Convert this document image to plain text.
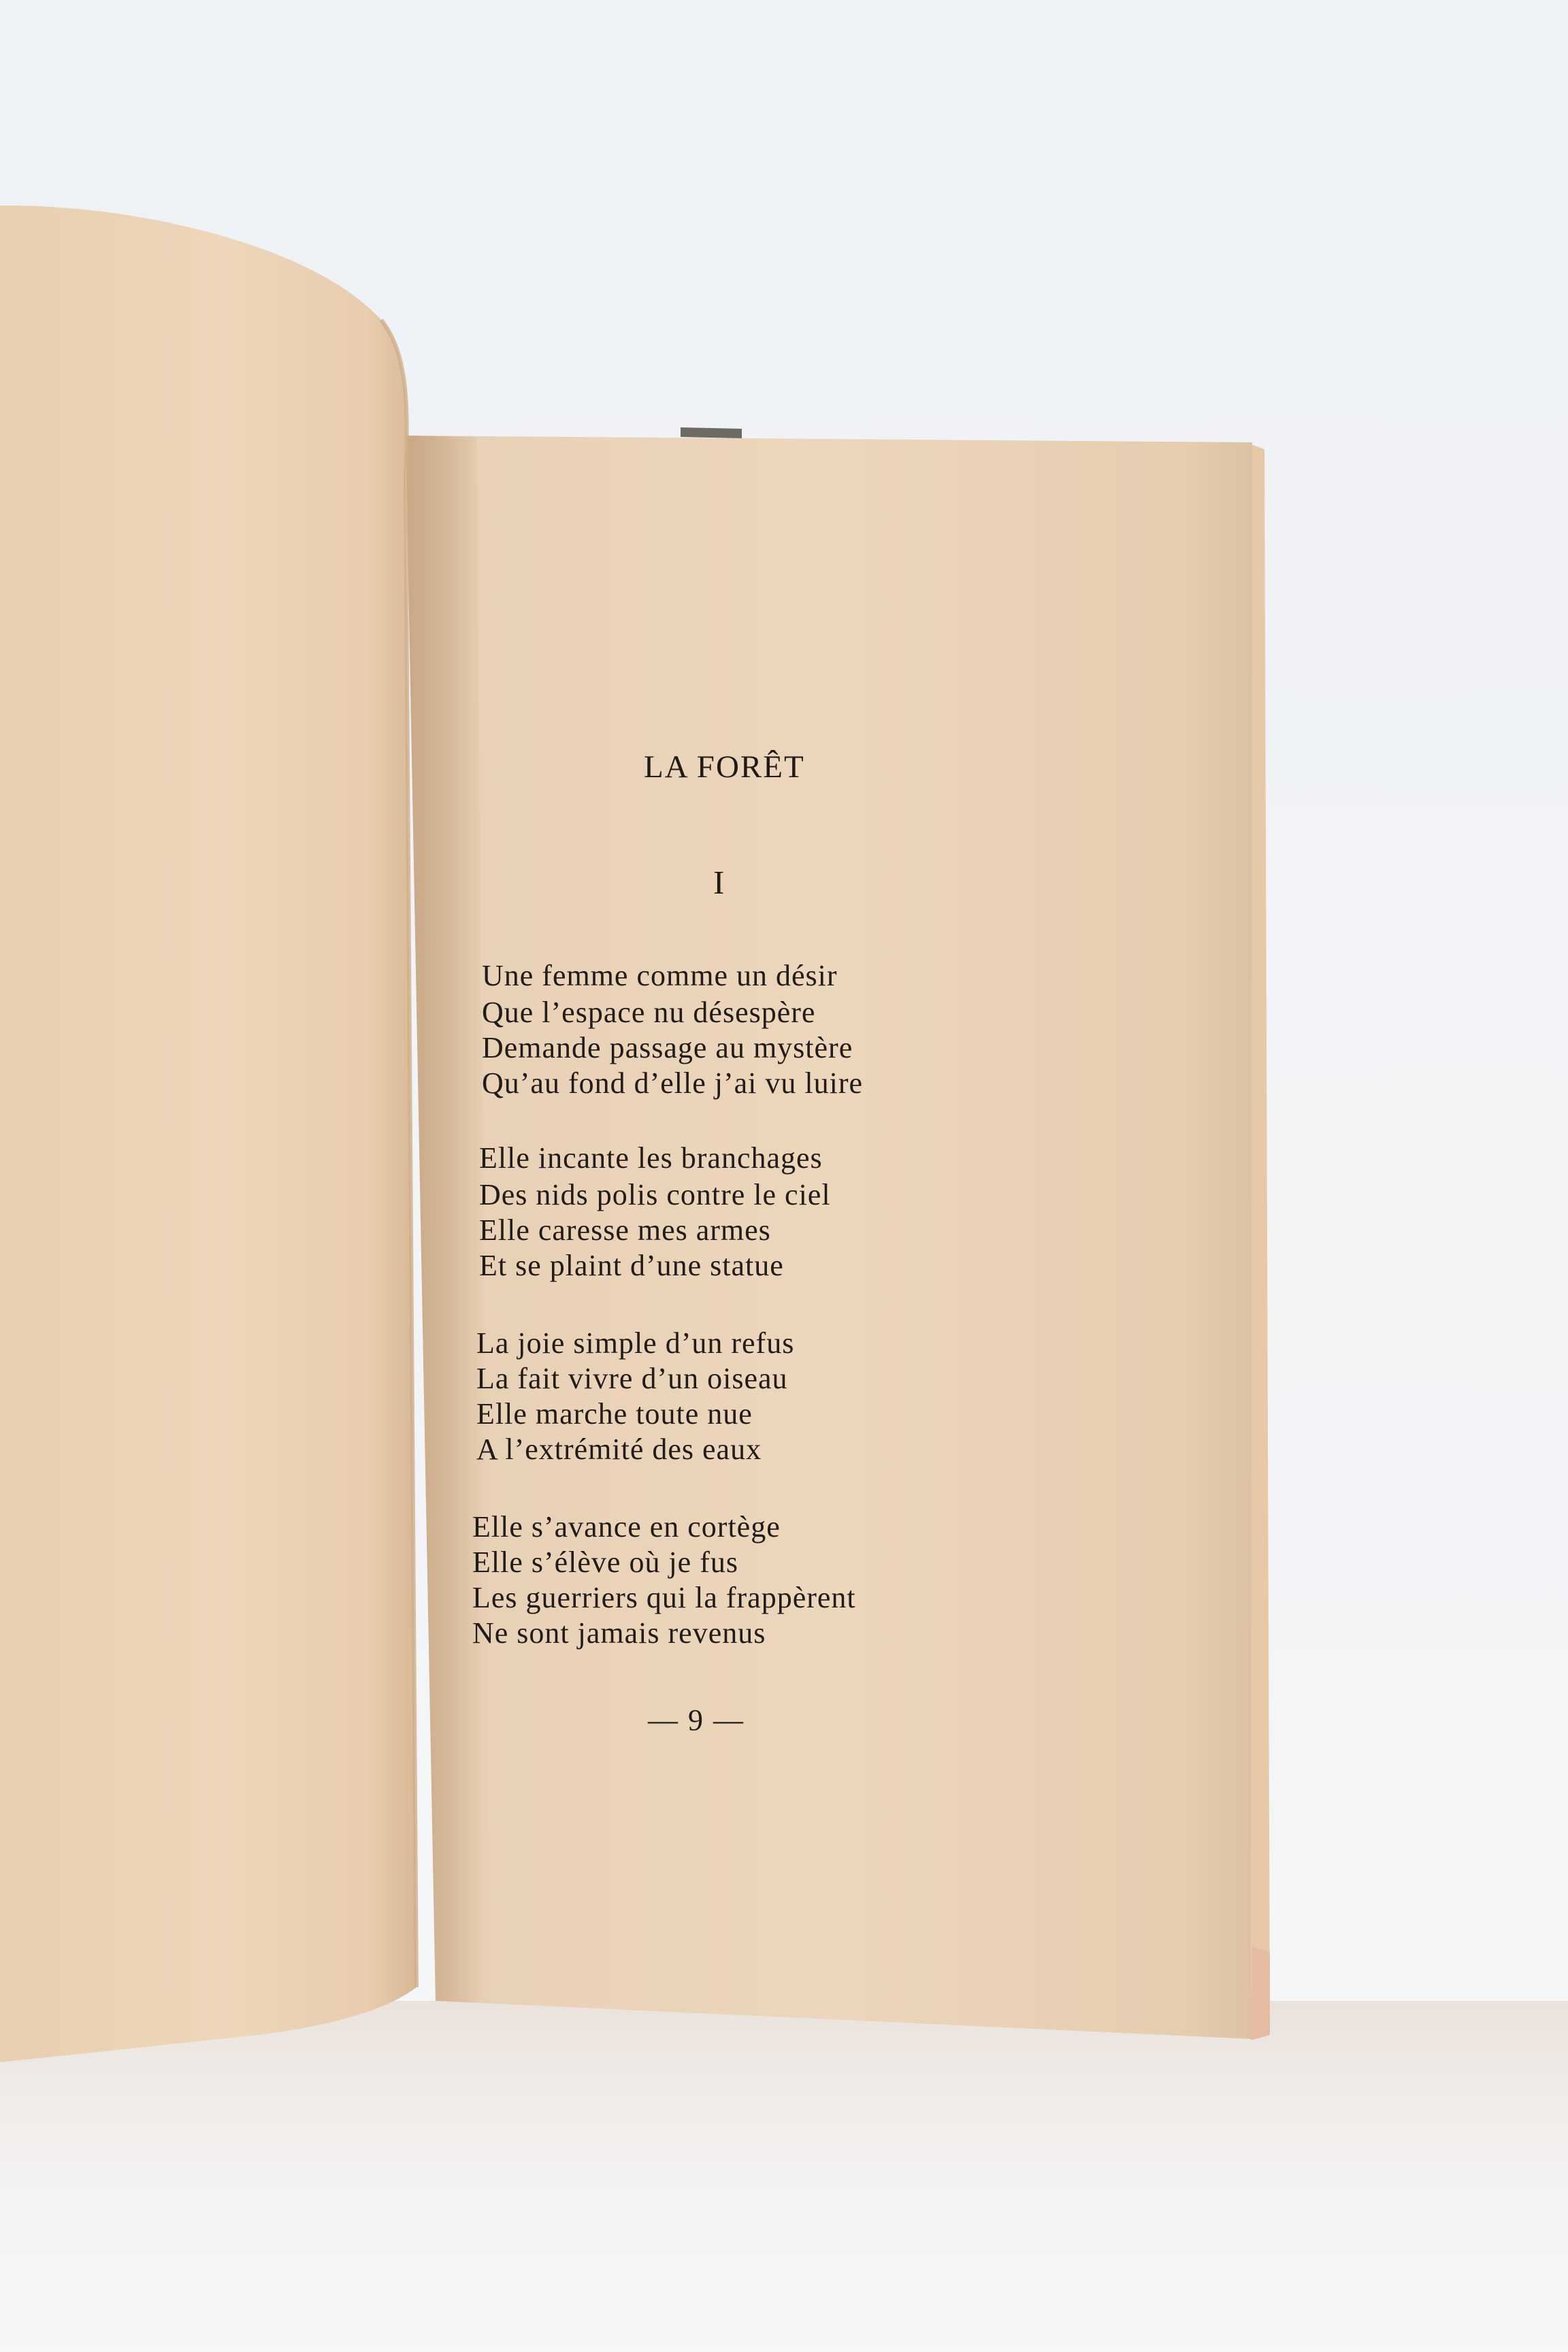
LA FORÊT
I
Une femme comme un désir
Que l’espace nu désespère
Demande passage au mystère
Qu’au fond d’elle j’ai vu luire
Elle incante les branchages
Des nids polis contre le ciel
Elle caresse mes armes
Et se plaint d’une statue
La joie simple d’un refus
La fait vivre d’un oiseau
Elle marche toute nue
A l’extrémité des eaux
Elle s’avance en cortège
Elle s’élève où je fus
Les guerriers qui la frappèrent
Ne sont jamais revenus
— 9 —
